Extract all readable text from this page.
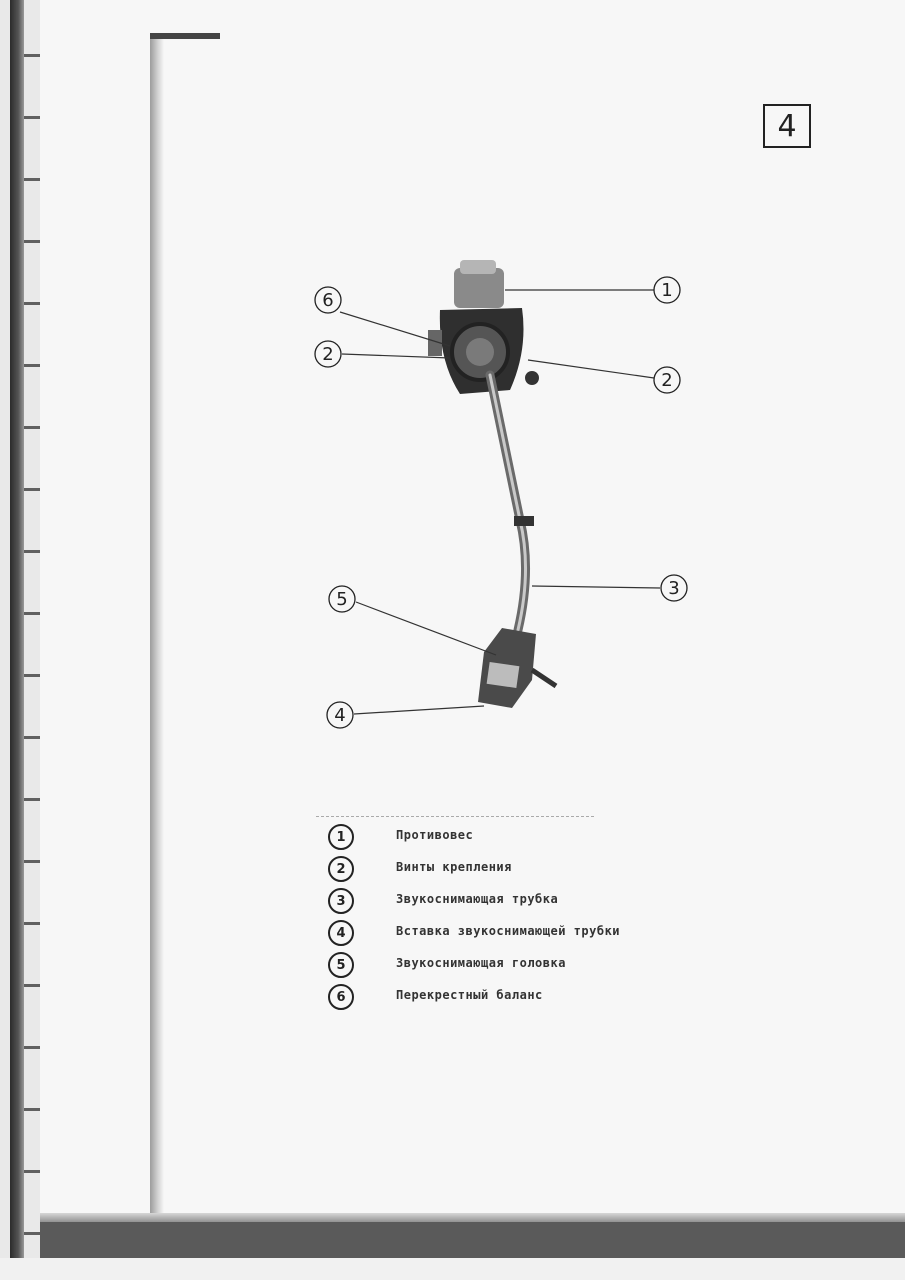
4
1
6
2
2
3
5
4
1	Противовес
2	Винты крепления
3	Звукоснимающая трубка
4	Вставка звукоснимающей трубки
5	Звукоснимающая головка
6	Перекрестный баланс
